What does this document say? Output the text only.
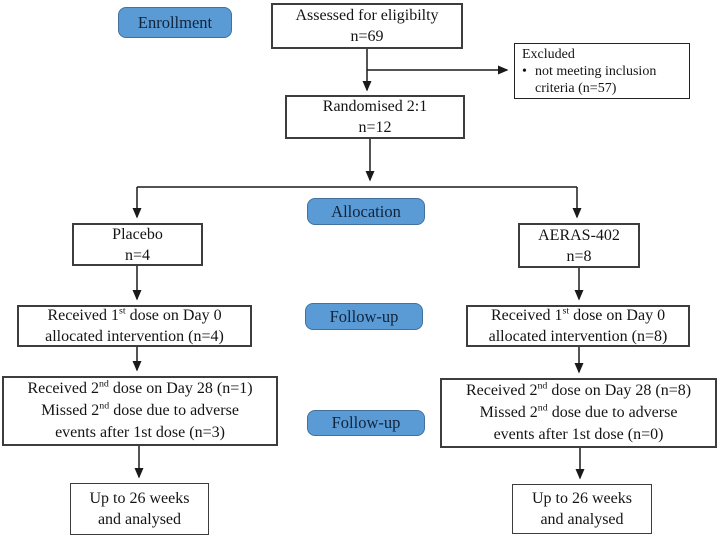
Enrollment
Allocation
Follow-up
Follow-up
Assessed for eligibilty
n=69
Excluded
• not meeting inclusion criteria (n=57)
Randomised 2:1
n=12
Placebo
n=4
AERAS-402
n=8
Received 1st dose on Day 0
allocated intervention (n=4)
Received 1st dose on Day 0
allocated intervention (n=8)
Received 2nd dose on Day 28 (n=1)
Missed 2nd dose due to adverse
events after 1st dose (n=3)
Received 2nd dose on Day 28 (n=8)
Missed 2nd dose due to adverse
events after 1st dose (n=0)
Up to 26 weeks
and analysed
Up to 26 weeks
and analysed
